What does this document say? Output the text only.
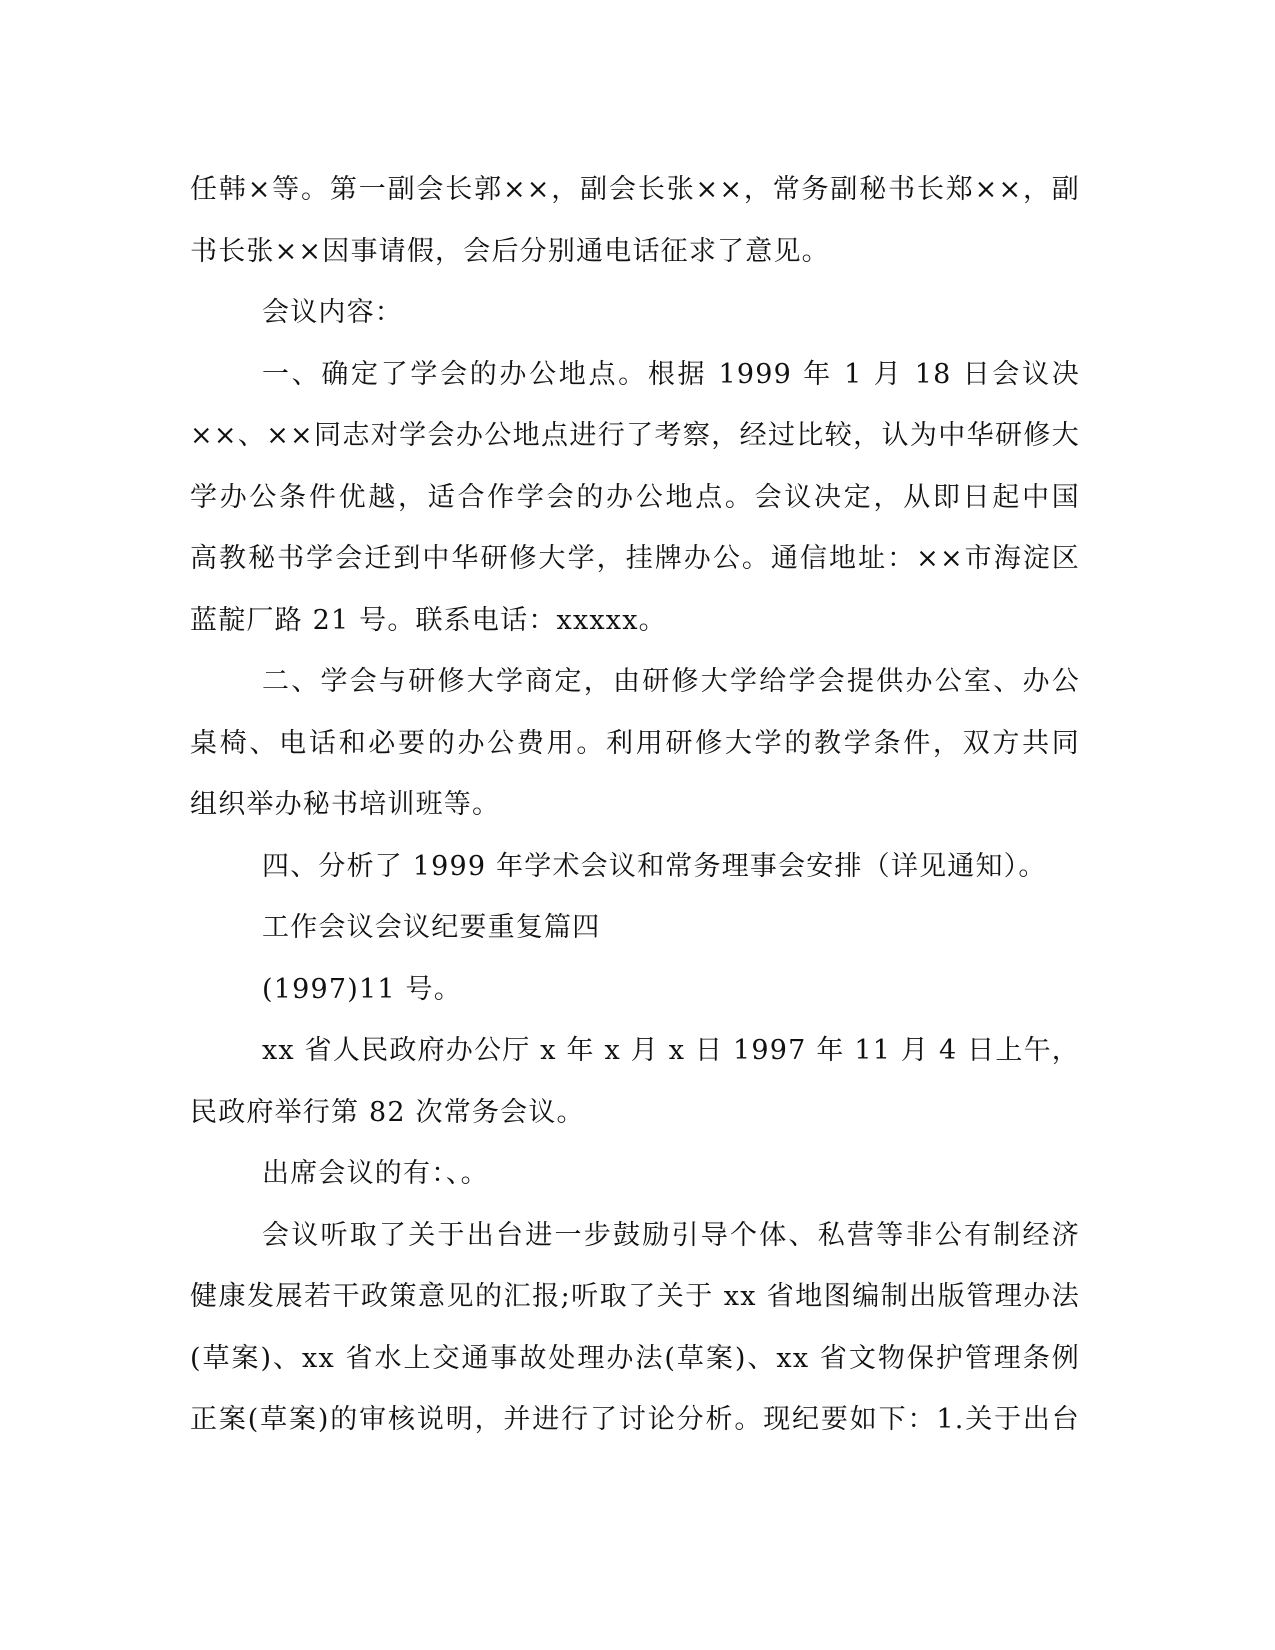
任韩×等。第一副会长郭××，副会长张××，常务副秘书长郑××，副
书长张××因事请假，会后分别通电话征求了意见。
会议内容：
一、确定了学会的办公地点。根据 1999 年 1 月 18 日会议决
××、××同志对学会办公地点进行了考察，经过比较，认为中华研修大
学办公条件优越，适合作学会的办公地点。会议决定，从即日起中国
高教秘书学会迁到中华研修大学，挂牌办公。通信地址：××市海淀区
蓝靛厂路 21 号。联系电话：xxxxx。
二、学会与研修大学商定，由研修大学给学会提供办公室、办公
桌椅、电话和必要的办公费用。利用研修大学的教学条件，双方共同
组织举办秘书培训班等。
四、分析了 1999 年学术会议和常务理事会安排（详见通知）。
工作会议会议纪要重复篇四
(1997)11 号。
xx 省人民政府办公厅 x 年 x 月 x 日 1997 年 11 月 4 日上午，
民政府举行第 82 次常务会议。
出席会议的有：、。
会议听取了关于出台进一步鼓励引导个体、私营等非公有制经济
健康发展若干政策意见的汇报;听取了关于 xx 省地图编制出版管理办法
(草案)、xx 省水上交通事故处理办法(草案)、xx 省文物保护管理条例
正案(草案)的审核说明，并进行了讨论分析。现纪要如下：1.关于出台
